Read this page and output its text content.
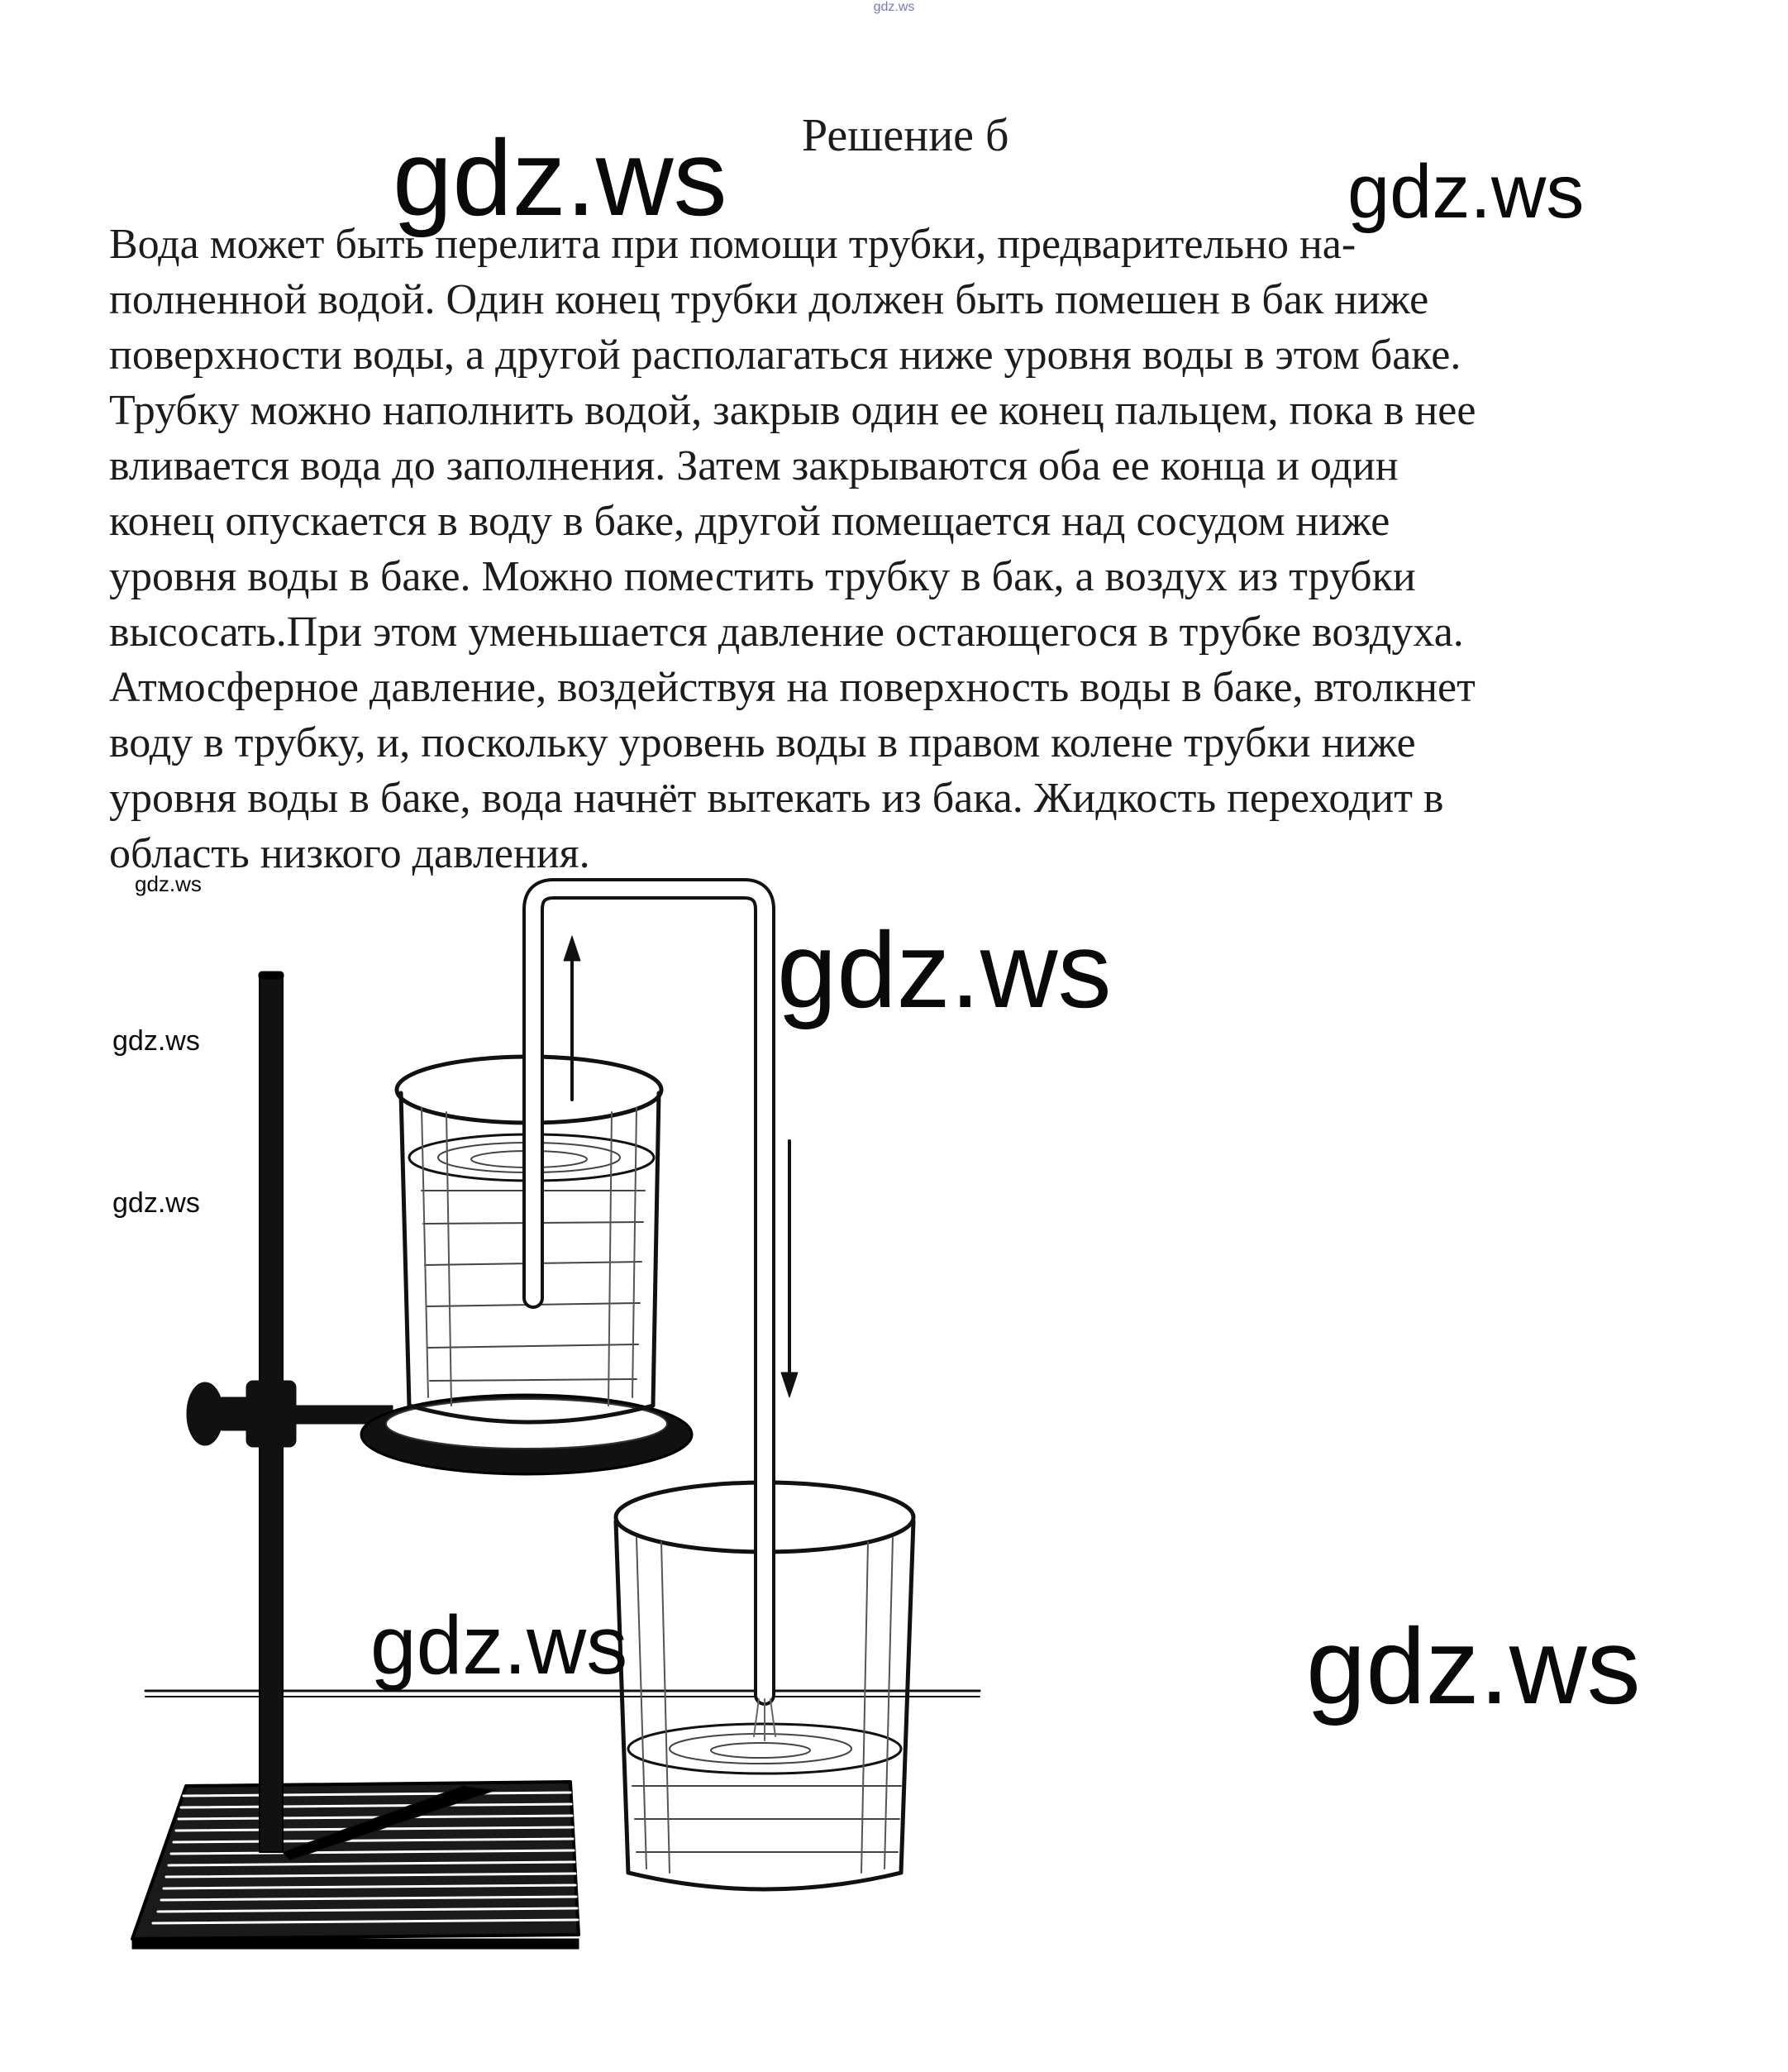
gdz.ws
Решение б

Вода может быть перелита при помощи трубки, предварительно на-
полненной водой. Один конец трубки должен быть помешен в бак ниже
поверхности воды, а другой располагаться ниже уровня воды в этом баке.
Трубку можно наполнить водой, закрыв один ее конец пальцем, пока в нее
вливается вода до заполнения. Затем закрываются оба ее конца и один
конец опускается в воду в баке, другой помещается над сосудом ниже
уровня воды в баке. Можно поместить трубку в бак, а воздух из трубки
высосать.При этом уменьшается давление остающегося в трубке воздуха.
Атмосферное давление, воздействуя на поверхность воды в баке, втолкнет
воду в трубку, и, поскольку уровень воды в правом колене трубки ниже
уровня воды в баке, вода начнёт вытекать из бака. Жидкость переходит в
область низкого давления.

gdz.ws	gdz.ws
gdz.ws
gdz.ws
gdz.ws
gdz.ws
gdz.ws	gdz.ws
